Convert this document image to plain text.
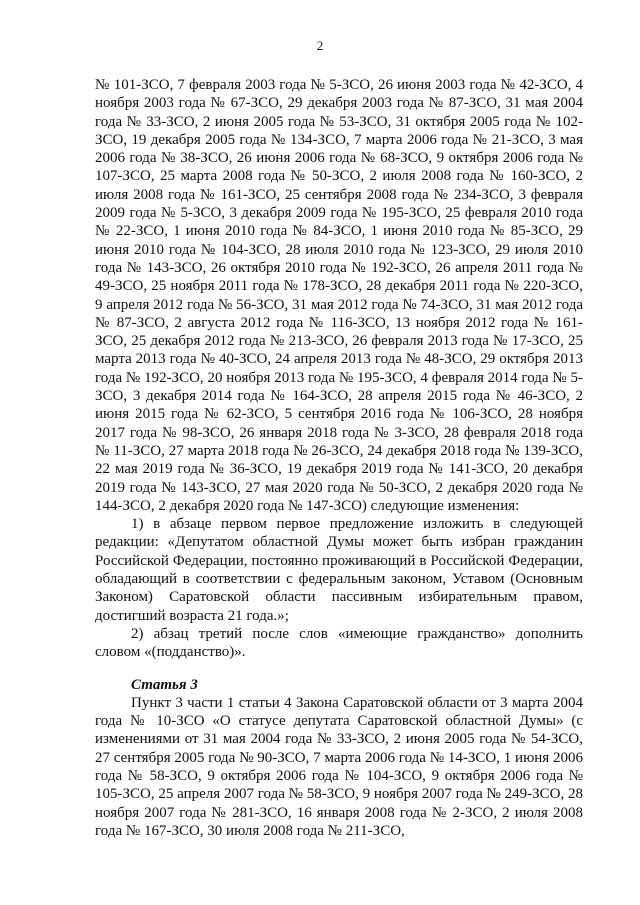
2

№ 101-ЗСО, 7 февраля 2003 года № 5-ЗСО, 26 июня 2003 года № 42-ЗСО, 4 ноября 2003 года № 67-ЗСО, 29 декабря 2003 года № 87-ЗСО, 31 мая 2004 года № 33-ЗСО, 2 июня 2005 года № 53-ЗСО, 31 октября 2005 года № 102-ЗСО, 19 декабря 2005 года № 134-ЗСО, 7 марта 2006 года № 21-ЗСО, 3 мая 2006 года № 38-ЗСО, 26 июня 2006 года № 68-ЗСО, 9 октября 2006 года № 107-ЗСО, 25 марта 2008 года № 50-ЗСО, 2 июля 2008 года № 160-ЗСО, 2 июля 2008 года № 161-ЗСО, 25 сентября 2008 года № 234-ЗСО, 3 февраля 2009 года № 5-ЗСО, 3 декабря 2009 года № 195-ЗСО, 25 февраля 2010 года № 22-ЗСО, 1 июня 2010 года № 84-ЗСО, 1 июня 2010 года № 85-ЗСО, 29 июня 2010 года № 104-ЗСО, 28 июля 2010 года № 123-ЗСО, 29 июля 2010 года № 143-ЗСО, 26 октября 2010 года № 192-ЗСО, 26 апреля 2011 года № 49-ЗСО, 25 ноября 2011 года № 178-ЗСО, 28 декабря 2011 года № 220-ЗСО, 9 апреля 2012 года № 56-ЗСО, 31 мая 2012 года № 74-ЗСО, 31 мая 2012 года № 87-ЗСО, 2 августа 2012 года № 116-ЗСО, 13 ноября 2012 года № 161-ЗСО, 25 декабря 2012 года № 213-ЗСО, 26 февраля 2013 года № 17-ЗСО, 25 марта 2013 года № 40-ЗСО, 24 апреля 2013 года № 48-ЗСО, 29 октября 2013 года № 192-ЗСО, 20 ноября 2013 года № 195-ЗСО, 4 февраля 2014 года № 5-ЗСО, 3 декабря 2014 года № 164-ЗСО, 28 апреля 2015 года № 46-ЗСО, 2 июня 2015 года № 62-ЗСО, 5 сентября 2016 года № 106-ЗСО, 28 ноября 2017 года № 98-ЗСО, 26 января 2018 года № 3-ЗСО, 28 февраля 2018 года № 11-ЗСО, 27 марта 2018 года № 26-ЗСО, 24 декабря 2018 года № 139-ЗСО, 22 мая 2019 года № 36-ЗСО, 19 декабря 2019 года № 141-ЗСО, 20 декабря 2019 года № 143-ЗСО, 27 мая 2020 года № 50-ЗСО, 2 декабря 2020 года № 144-ЗСО, 2 декабря 2020 года № 147-ЗСО) следующие изменения:

1) в абзаце первом первое предложение изложить в следующей редакции: «Депутатом областной Думы может быть избран гражданин Российской Федерации, постоянно проживающий в Российской Федерации, обладающий в соответствии с федеральным законом, Уставом (Основным Законом) Саратовской области пассивным избирательным правом, достигший возраста 21 года.»;

2) абзац третий после слов «имеющие гражданство» дополнить словом «(подданство)».

Статья 3

Пункт 3 части 1 статьи 4 Закона Саратовской области от 3 марта 2004 года № 10-ЗСО «О статусе депутата Саратовской областной Думы» (с изменениями от 31 мая 2004 года № 33-ЗСО, 2 июня 2005 года № 54-ЗСО, 27 сентября 2005 года № 90-ЗСО, 7 марта 2006 года № 14-ЗСО, 1 июня 2006 года № 58-ЗСО, 9 октября 2006 года № 104-ЗСО, 9 октября 2006 года № 105-ЗСО, 25 апреля 2007 года № 58-ЗСО, 9 ноября 2007 года № 249-ЗСО, 28 ноября 2007 года № 281-ЗСО, 16 января 2008 года № 2-ЗСО, 2 июля 2008 года № 167-ЗСО, 30 июля 2008 года № 211-ЗСО,
